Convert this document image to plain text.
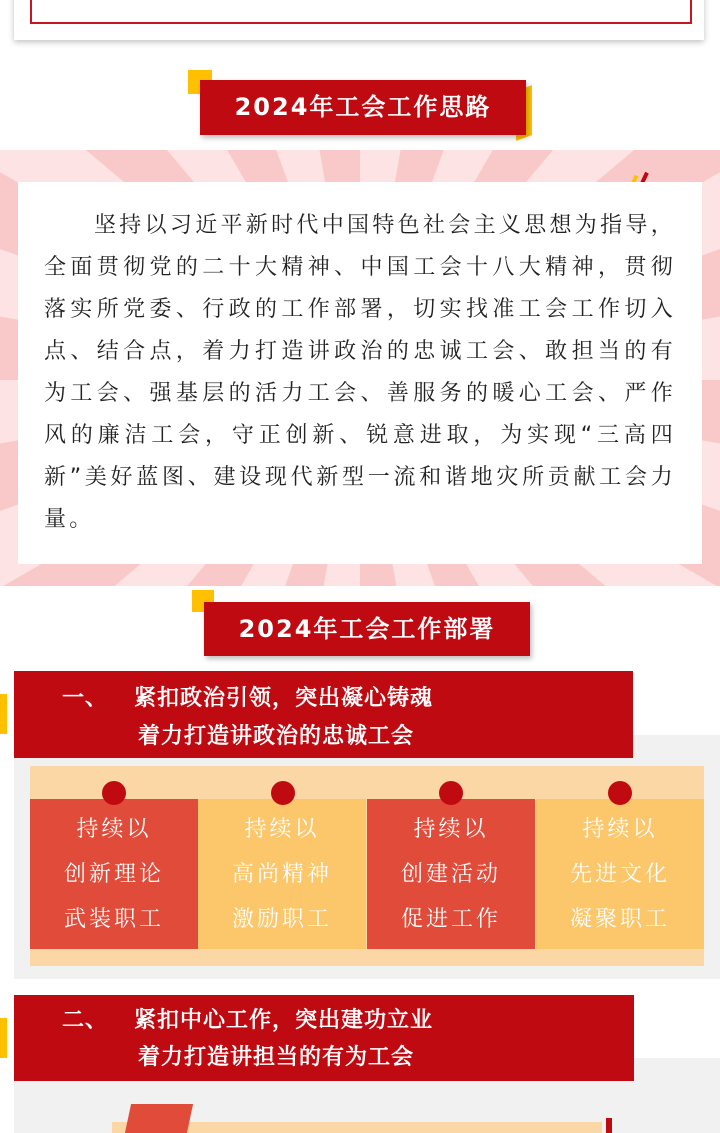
2024年工会工作思路

坚持以习近平新时代中国特色社会主义思想为指导，全面贯彻党的二十大精神、中国工会十八大精神，贯彻落实所党委、行政的工作部署，切实找准工会工作切入点、结合点，着力打造讲政治的忠诚工会、敢担当的有为工会、强基层的活力工会、善服务的暖心工会、严作风的廉洁工会，守正创新、锐意进取，为实现“三高四新”美好蓝图、建设现代新型一流和谐地灾所贡献工会力量。

2024年工会工作部署
一、   紧扣政治引领，突出凝心铸魂
着力打造讲政治的忠诚工会
持续以
创新理论
武装职工
持续以
高尚精神
激励职工
持续以
创建活动
促进工作
持续以
先进文化
凝聚职工
二、   紧扣中心工作，突出建功立业
着力打造讲担当的有为工会
